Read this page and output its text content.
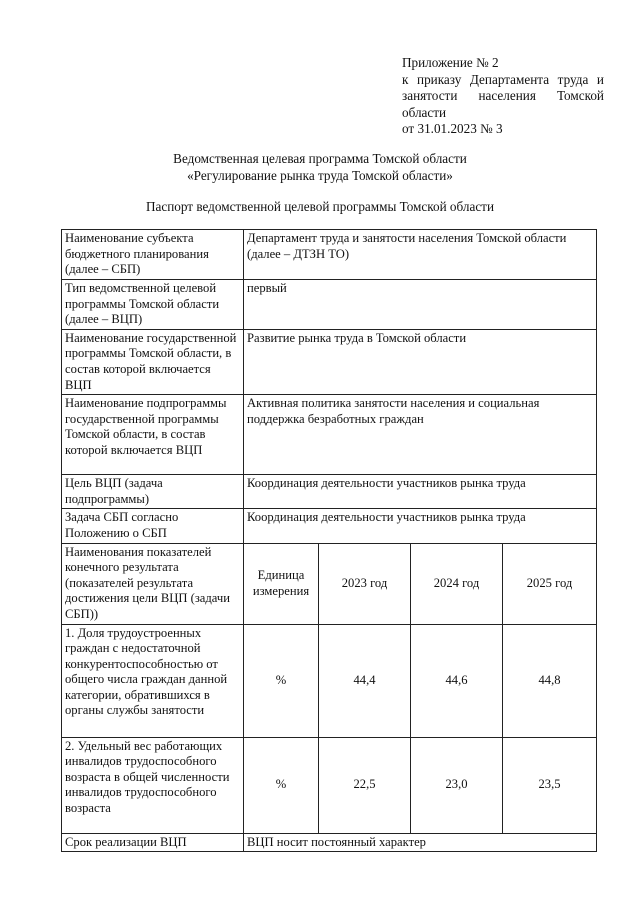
Приложение № 2
к приказу Департамента труда и
занятости населения Томской
области
от 31.01.2023 № 3
Ведомственная целевая программа Томской области
«Регулирование рынка труда Томской области»
Паспорт ведомственной целевой программы Томской области
Наименование субъекта бюджетного планирования (далее – СБП)	Департамент труда и занятости населения Томской области (далее – ДТЗН ТО)			
Тип ведомственной целевой программы Томской области (далее – ВЦП)	первый			
Наименование государственной программы Томской области, в состав которой включается ВЦП	Развитие рынка труда в Томской области			
Наименование подпрограммы государственной программы Томской области, в состав которой включается ВЦП	Активная политика занятости населения и социальная поддержка безработных граждан			
Цель ВЦП (задача подпрограммы)	Координация деятельности участников рынка труда			
Задача СБП согласно Положению о СБП	Координация деятельности участников рынка труда			
Наименования показателей конечного результата (показателей результата достижения цели ВЦП (задачи СБП))	Единица измерения	2023 год	2024 год	2025 год
1. Доля трудоустроенных граждан с недостаточной конкурентоспособностью от общего числа граждан данной категории, обратившихся в органы службы занятости	%	44,4	44,6	44,8
2. Удельный вес работающих инвалидов трудоспособного возраста в общей численности инвалидов трудоспособного возраста	%	22,5	23,0	23,5
Срок реализации ВЦП	ВЦП носит постоянный характер			
